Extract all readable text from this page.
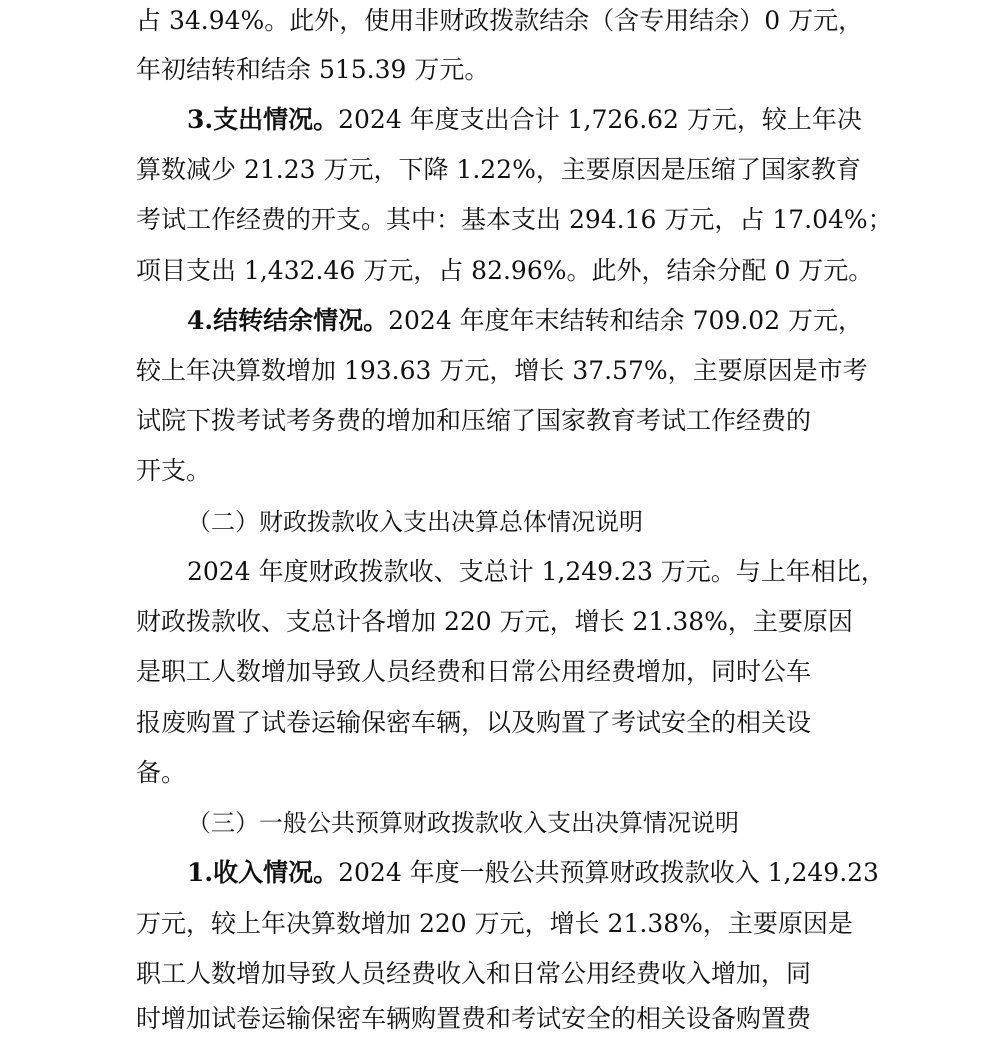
占 34.94%。此外，使用非财政拨款结余（含专用结余）0 万元，
年初结转和结余 515.39 万元。
3.支出情况。2024 年度支出合计 1,726.62 万元，较上年决
算数减少 21.23 万元，下降 1.22%，主要原因是压缩了国家教育
考试工作经费的开支。其中：基本支出 294.16 万元，占 17.04%；
项目支出 1,432.46 万元，占 82.96%。此外，结余分配 0 万元。
4.结转结余情况。2024 年度年末结转和结余 709.02 万元，
较上年决算数增加 193.63 万元，增长 37.57%，主要原因是市考
试院下拨考试考务费的增加和压缩了国家教育考试工作经费的
开支。
（二）财政拨款收入支出决算总体情况说明
2024 年度财政拨款收、支总计 1,249.23 万元。与上年相比，
财政拨款收、支总计各增加 220 万元，增长 21.38%，主要原因
是职工人数增加导致人员经费和日常公用经费增加，同时公车
报废购置了试卷运输保密车辆，以及购置了考试安全的相关设
备。
（三）一般公共预算财政拨款收入支出决算情况说明
1.收入情况。2024 年度一般公共预算财政拨款收入 1,249.23
万元，较上年决算数增加 220 万元，增长 21.38%，主要原因是
职工人数增加导致人员经费收入和日常公用经费收入增加，同
时增加试卷运输保密车辆购置费和考试安全的相关设备购置费
